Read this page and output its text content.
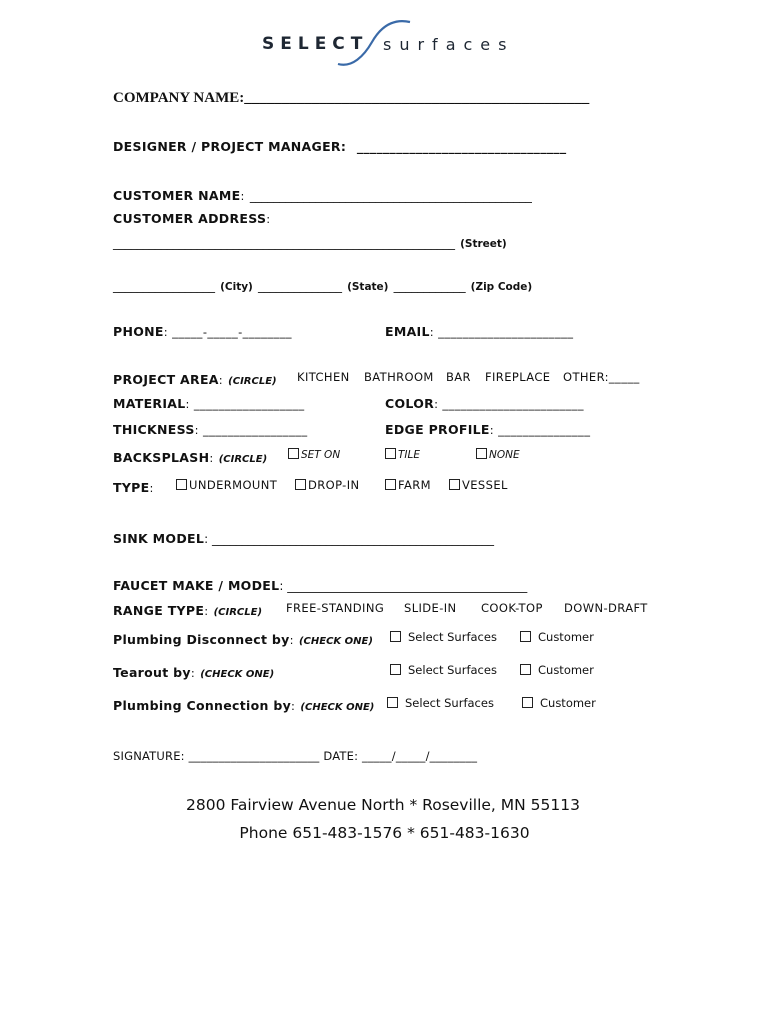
SELECT surfaces
COMPANY NAME:______________________________________________
DESIGNER / PROJECT MANAGER: ________________________________
CUSTOMER NAME: _______________________________________________
CUSTOMER ADDRESS:
_________________________________________________________ (Street)
_________________ (City) ______________ (State) ____________ (Zip Code)
PHONE: _____-_____-________	EMAIL: ______________________
PROJECT AREA: (CIRCLE) KITCHEN BATHROOM BAR FIREPLACE OTHER:_____
MATERIAL: __________________	COLOR: _______________________
THICKNESS: _________________	EDGE PROFILE: _______________
BACKSPLASH: (CIRCLE)	SET ON	TILE	NONE
TYPE:	UNDERMOUNT	DROP-IN	FARM	VESSEL
SINK MODEL: _______________________________________________
FAUCET MAKE / MODEL: ________________________________________
RANGE TYPE: (CIRCLE) FREE-STANDING SLIDE-IN COOK-TOP DOWN-DRAFT
Plumbing Disconnect by: (CHECK ONE)	Select Surfaces	Customer
Tearout by: (CHECK ONE)	Select Surfaces	Customer
Plumbing Connection by: (CHECK ONE)	Select Surfaces	Customer
SIGNATURE: ______________________ DATE: _____/_____/________
2800 Fairview Avenue North * Roseville, MN 55113
Phone 651-483-1576 * 651-483-1630
